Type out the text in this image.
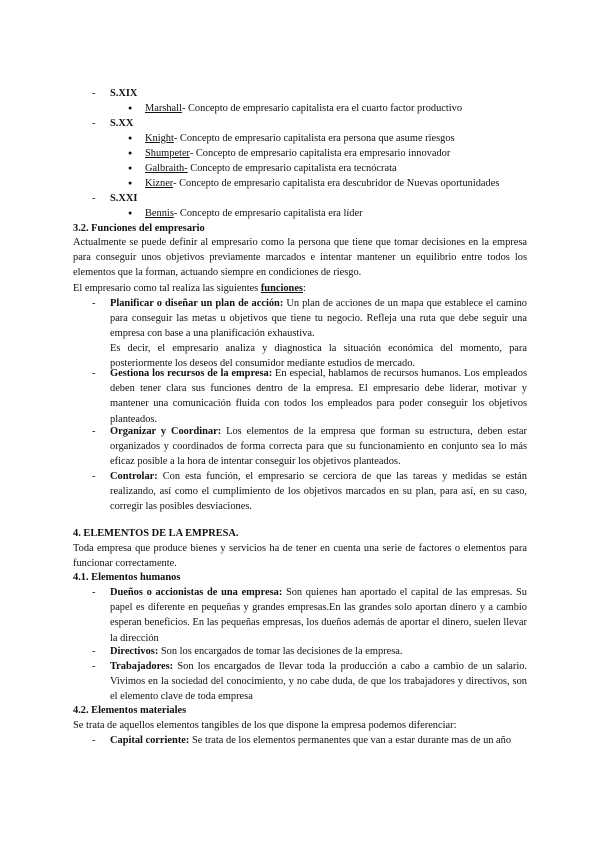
-	S.XIX
●
Marshall- Concepto de empresario capitalista era el cuarto factor productivo
-	S.XX
●
Knight- Concepto de empresario capitalista era persona que asume riesgos
●
Shumpeter- Concepto de empresario capitalista era empresario innovador
●
Galbraith- Concepto de empresario capitalista era tecnócrata
●
Kizner- Concepto de empresario capitalista era descubridor de Nuevas oportunidades
-	S.XXI
●
Bennis- Concepto de empresario capitalista era líder
3.2. Funciones del empresario
Actualmente se puede definir al empresario como la persona que tiene que tomar decisiones en la empresa para conseguir unos objetivos previamente marcados e intentar mantener un equilibrio entre todos los elementos que la forman, actuando siempre en condiciones de riesgo.
El empresario como tal realiza las siguientes funciones:
-	Planificar o diseñar un plan de acción: Un plan de acciones de un mapa que establece el camino para conseguir las metas u objetivos que tiene tu negocio. Refleja una ruta que debe seguir una empresa con base a una planificación exhaustiva.
Es decir, el empresario analiza y diagnostica la situación económica del momento, para posteriormente los deseos del consumidor mediante estudios de mercado.
-	Gestiona los recursos de la empresa: En especial, hablamos de recursos humanos. Los empleados deben tener clara sus funciones dentro de la empresa. El empresario debe liderar, motivar y mantener una comunicación fluida con todos los empleados para poder conseguir los objetivos planteados.
-	Organizar y Coordinar: Los elementos de la empresa que forman su estructura, deben estar organizados y coordinados de forma correcta para que su funcionamiento en conjunto sea lo más eficaz posible a la hora de intentar conseguir los objetivos planteados.
-	Controlar: Con esta función, el empresario se cerciora de que las tareas y medidas se están realizando, así como el cumplimiento de los objetivos marcados en su plan, para así, en su caso, corregir las posibles desviaciones.
4. ELEMENTOS DE LA EMPRESA.
Toda empresa que produce bienes y servicios ha de tener en cuenta una serie de factores o elementos para funcionar correctamente.
4.1. Elementos humanos
-	Dueños o accionistas de una empresa: Son quienes han aportado el capital de las empresas. Su papel es diferente en pequeñas y grandes empresas.En las grandes solo aportan dinero y a cambio esperan beneficios. En las pequeñas empresas, los dueños además de aportar el dinero, suelen llevar la dirección
-	Directivos: Son los encargados de tomar las decisiones de la empresa.
-	Trabajadores: Son los encargados de llevar toda la producción a cabo a cambio de un salario. Vivimos en la sociedad del conocimiento, y no cabe duda, de que los trabajadores y directivos, son el elemento clave de toda empresa
4.2. Elementos materiales
Se trata de aquellos elementos tangibles de los que dispone la empresa podemos diferenciar:
-	Capital corriente: Se trata de los elementos permanentes que van a estar durante mas de un año
